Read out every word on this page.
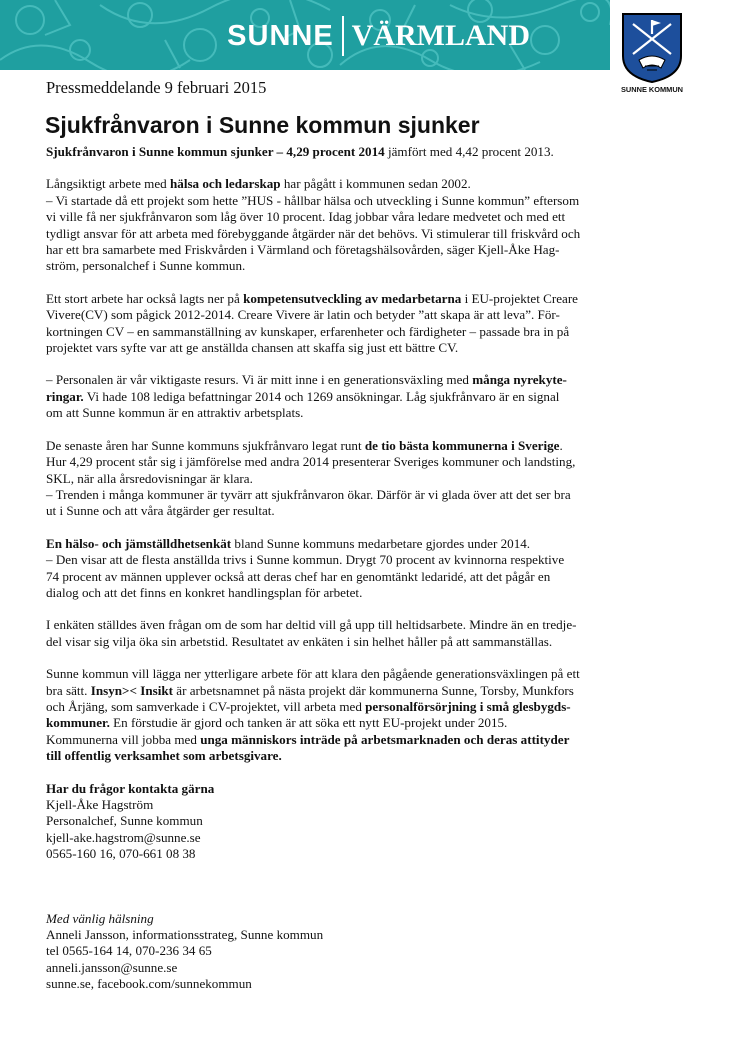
SUNNE VÄRMLAND
SUNNE KOMMUN
Pressmeddelande 9 februari 2015
Sjukfrånvaron i Sunne kommun sjunker

Sjukfrånvaron i Sunne kommun sjunker – 4,29 procent 2014 jämfört med 4,42 procent 2013.

Långsiktigt arbete med hälsa och ledarskap har pågått i kommunen sedan 2002.
– Vi startade då ett projekt som hette ”HUS - hållbar hälsa och utveckling i Sunne kommun” eftersom
vi ville få ner sjukfrånvaron som låg över 10 procent. Idag jobbar våra ledare medvetet och med ett
tydligt ansvar för att arbeta med förebyggande åtgärder när det behövs. Vi stimulerar till friskvård och
har ett bra samarbete med Friskvården i Värmland och företagshälsovården, säger Kjell-Åke Hag-
ström, personalchef i Sunne kommun.

Ett stort arbete har också lagts ner på kompetensutveckling av medarbetarna i EU-projektet Creare
Vivere(CV) som pågick 2012-2014. Creare Vivere är latin och betyder ”att skapa är att leva”. För-
kortningen CV – en sammanställning av kunskaper, erfarenheter och färdigheter – passade bra in på
projektet vars syfte var att ge anställda chansen att skaffa sig just ett bättre CV.

– Personalen är vår viktigaste resurs. Vi är mitt inne i en generationsväxling med många nyrekyte-
ringar. Vi hade 108 lediga befattningar 2014 och 1269 ansökningar. Låg sjukfrånvaro är en signal
om att Sunne kommun är en attraktiv arbetsplats.

De senaste åren har Sunne kommuns sjukfrånvaro legat runt de tio bästa kommunerna i Sverige.
Hur 4,29 procent står sig i jämförelse med andra 2014 presenterar Sveriges kommuner och landsting,
SKL, när alla årsredovisningar är klara.
– Trenden i många kommuner är tyvärr att sjukfrånvaron ökar. Därför är vi glada över att det ser bra
ut i Sunne och att våra åtgärder ger resultat.

En hälso- och jämställdhetsenkät bland Sunne kommuns medarbetare gjordes under 2014.
– Den visar att de flesta anställda trivs i Sunne kommun. Drygt 70 procent av kvinnorna respektive
74 procent av männen upplever också att deras chef har en genomtänkt ledaridé, att det pågår en
dialog och att det finns en konkret handlingsplan för arbetet.

I enkäten ställdes även frågan om de som har deltid vill gå upp till heltidsarbete. Mindre än en tredje-
del visar sig vilja öka sin arbetstid. Resultatet av enkäten i sin helhet håller på att sammanställas.

Sunne kommun vill lägga ner ytterligare arbete för att klara den pågående generationsväxlingen på ett
bra sätt. Insyn>< Insikt är arbetsnamnet på nästa projekt där kommunerna Sunne, Torsby, Munkfors
och Årjäng, som samverkade i CV-projektet, vill arbeta med personalförsörjning i små glesbygds-
kommuner. En förstudie är gjord och tanken är att söka ett nytt EU-projekt under 2015.
Kommunerna vill jobba med unga människors inträde på arbetsmarknaden och deras attityder
till offentlig verksamhet som arbetsgivare.

Har du frågor kontakta gärna
Kjell-Åke Hagström
Personalchef, Sunne kommun
kjell-ake.hagstrom@sunne.se
0565-160 16, 070-661 08 38

Med vänlig hälsning
Anneli Jansson, informationsstrateg, Sunne kommun
tel 0565-164 14, 070-236 34 65
anneli.jansson@sunne.se
sunne.se, facebook.com/sunnekommun
